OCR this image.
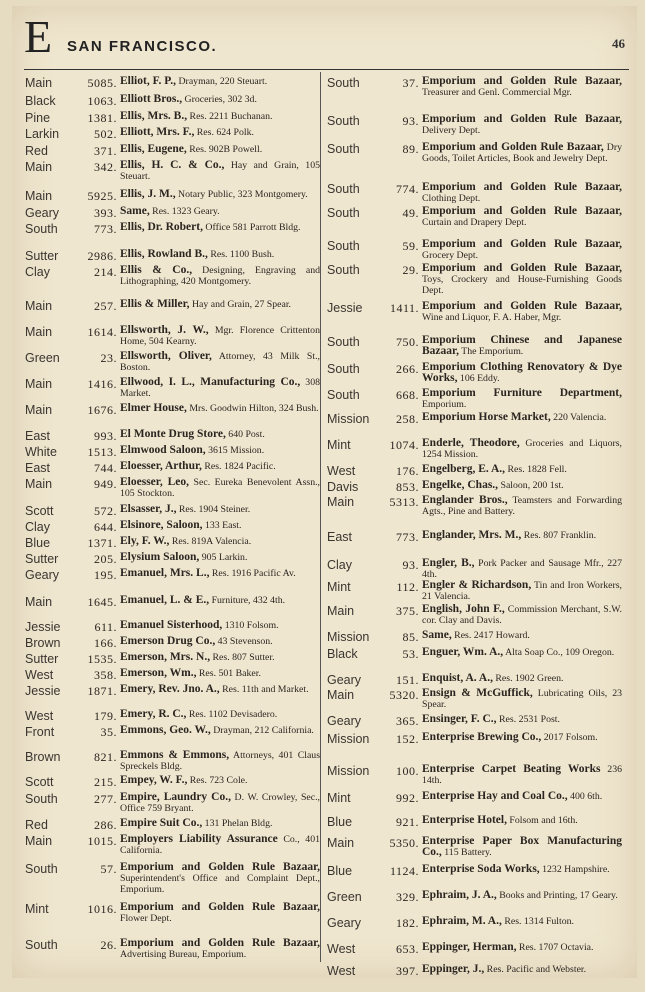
E SAN FRANCISCO.	46
Main	5085. Elliot, F. P., Drayman, 220 Steuart.
Black	1063. Elliott Bros., Groceries, 302 3d.
Pine	1381. Ellis, Mrs. B., Res. 2211 Buchanan.
Larkin	502. Elliott, Mrs. F., Res. 624 Polk.
Red	371. Ellis, Eugene, Res. 902B Powell.
Main	342. Ellis, H. C. & Co., Hay and Grain, 105 Steuart.
Main	5925. Ellis, J. M., Notary Public, 323 Montgomery.
Geary	393. Same, Res. 1323 Geary.
South	773. Ellis, Dr. Robert, Office 581 Parrott Bldg.
Sutter	2986. Ellis, Rowland B., Res. 1100 Bush.
Clay	214. Ellis & Co., Designing, Engraving and Lithographing, 420 Montgomery.
Main	257. Ellis & Miller, Hay and Grain, 27 Spear.
Main	1614. Ellsworth, J. W., Mgr. Florence Crittenton Home, 504 Kearny.
Green	23. Ellsworth, Oliver, Attorney, 43 Milk St., Boston.
Main	1416. Ellwood, I. L., Manufacturing Co., 308 Market.
Main	1676. Elmer House, Mrs. Goodwin Hilton, 324 Bush.
East	993. El Monte Drug Store, 640 Post.
White	1513. Elmwood Saloon, 3615 Mission.
East	744. Eloesser, Arthur, Res. 1824 Pacific.
Main	949. Eloesser, Leo, Sec. Eureka Benevolent Assn., 105 Stockton.
Scott	572. Elsasser, J., Res. 1904 Steiner.
Clay	644. Elsinore, Saloon, 133 East.
Blue	1371. Ely, F. W., Res. 819A Valencia.
Sutter	205. Elysium Saloon, 905 Larkin.
Geary	195. Emanuel, Mrs. L., Res. 1916 Pacific Av.
Main	1645. Emanuel, L. & E., Furniture, 432 4th.
Jessie	611. Emanuel Sisterhood, 1310 Folsom.
Brown	166. Emerson Drug Co., 43 Stevenson.
Sutter	1535. Emerson, Mrs. N., Res. 807 Sutter.
West	358. Emerson, Wm., Res. 501 Baker.
Jessie	1871. Emery, Rev. Jno. A., Res. 11th and Market.
West	179. Emery, R. C., Res. 1102 Devisadero.
Front	35. Emmons, Geo. W., Drayman, 212 California.
Brown	821. Emmons & Emmons, Attorneys, 401 Claus Spreckels Bldg.
Scott	215. Empey, W. F., Res. 723 Cole.
South	277. Empire, Laundry Co., D. W. Crowley, Sec., Office 759 Bryant.
Red	286. Empire Suit Co., 131 Phelan Bldg.
Main	1015. Employers Liability Assurance Co., 401 California.
South	57. Emporium and Golden Rule Bazaar, Superintendent's Office and Complaint Dept., Emporium.
Mint	1016. Emporium and Golden Rule Bazaar, Flower Dept.
South	26. Emporium and Golden Rule Bazaar, Advertising Bureau, Emporium.
South	37. Emporium and Golden Rule Bazaar, Treasurer and Genl. Commercial Mgr.
South	93. Emporium and Golden Rule Bazaar, Delivery Dept.
South	89. Emporium and Golden Rule Bazaar, Dry Goods, Toilet Articles, Book and Jewelry Dept.
South	774. Emporium and Golden Rule Bazaar, Clothing Dept.
South	49. Emporium and Golden Rule Bazaar, Curtain and Drapery Dept.
South	59. Emporium and Golden Rule Bazaar, Grocery Dept.
South	29. Emporium and Golden Rule Bazaar, Toys, Crockery and House-Furnishing Goods Dept.
Jessie	1411. Emporium and Golden Rule Bazaar, Wine and Liquor, F. A. Haber, Mgr.
South	750. Emporium Chinese and Japanese Bazaar, The Emporium.
South	266. Emporium Clothing Renovatory & Dye Works, 106 Eddy.
South	668. Emporium Furniture Department, Emporium.
Mission	258. Emporium Horse Market, 220 Valencia.
Mint	1074. Enderle, Theodore, Groceries and Liquors, 1254 Mission.
West	176. Engelberg, E. A., Res. 1828 Fell.
Davis	853. Engelke, Chas., Saloon, 200 1st.
Main	5313. Englander Bros., Teamsters and Forwarding Agts., Pine and Battery.
East	773. Englander, Mrs. M., Res. 807 Franklin.
Clay	93. Engler, B., Pork Packer and Sausage Mfr., 227 4th.
Mint	112. Engler & Richardson, Tin and Iron Workers, 21 Valencia.
Main	375. English, John F., Commission Merchant, S.W. cor. Clay and Davis.
Mission	85. Same, Res. 2417 Howard.
Black	53. Enguer, Wm. A., Alta Soap Co., 109 Oregon.
Geary	151. Enquist, A. A., Res. 1902 Green.
Main	5320. Ensign & McGuffick, Lubricating Oils, 23 Spear.
Geary	365. Ensinger, F. C., Res. 2531 Post.
Mission	152. Enterprise Brewing Co., 2017 Folsom.
Mission	100. Enterprise Carpet Beating Works 236 14th.
Mint	992. Enterprise Hay and Coal Co., 400 6th.
Blue	921. Enterprise Hotel, Folsom and 16th.
Main	5350. Enterprise Paper Box Manufacturing Co., 115 Battery.
Blue	1124. Enterprise Soda Works, 1232 Hampshire.
Green	329. Ephraim, J. A., Books and Printing, 17 Geary.
Geary	182. Ephraim, M. A., Res. 1314 Fulton.
West	653. Eppinger, Herman, Res. 1707 Octavia.
West	397. Eppinger, J., Res. Pacific and Webster.
